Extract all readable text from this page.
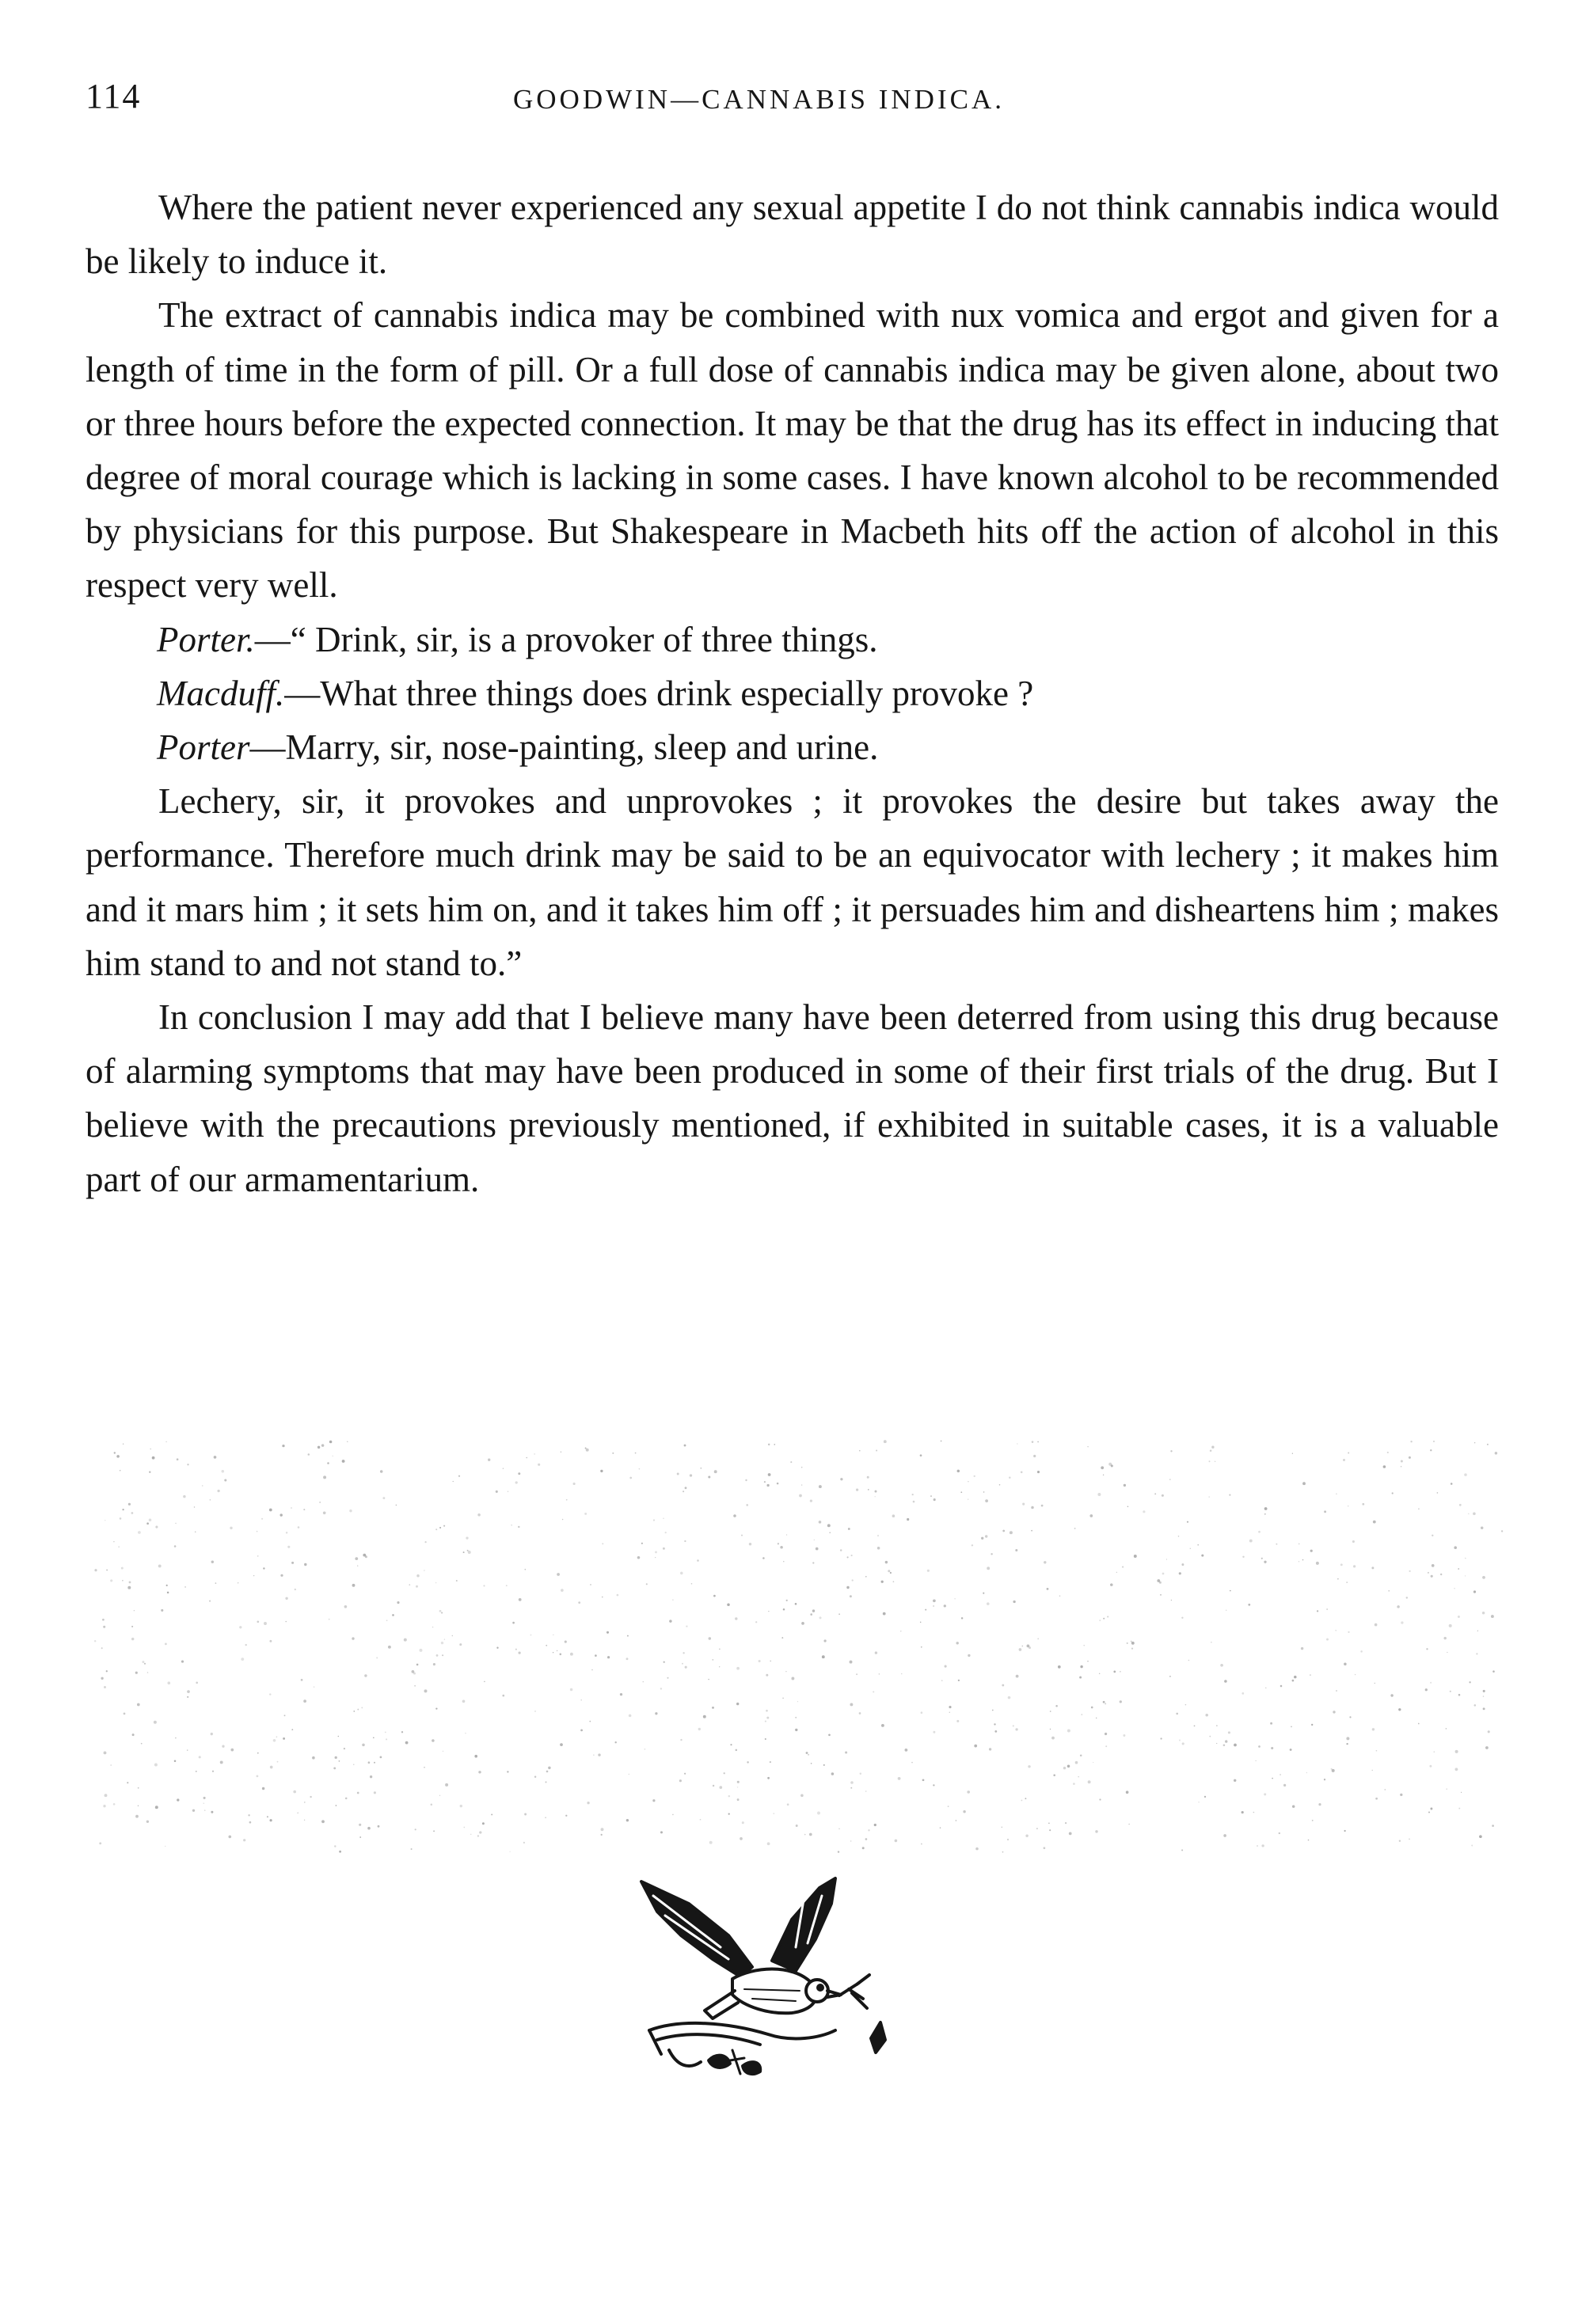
114	GOODWIN—CANNABIS INDICA.

Where the patient never experienced any sexual appetite I do not think cannabis indica would be likely to induce it.

The extract of cannabis indica may be combined with nux vomica and ergot and given for a length of time in the form of pill. Or a full dose of cannabis indica may be given alone, about two or three hours before the expected connection. It may be that the drug has its effect in inducing that degree of moral courage which is lacking in some cases. I have known alcohol to be recommended by physicians for this purpose. But Shakespeare in Macbeth hits off the action of alcohol in this respect very well.

Porter.—“ Drink, sir, is a provoker of three things.

Macduff.—What three things does drink especially provoke ?

Porter—Marry, sir, nose-painting, sleep and urine.

Lechery, sir, it provokes and unprovokes ; it provokes the desire but takes away the performance. Therefore much drink may be said to be an equivocator with lechery ; it makes him and it mars him ; it sets him on, and it takes him off ; it persuades him and disheartens him ; makes him stand to and not stand to.”

In conclusion I may add that I believe many have been deterred from using this drug because of alarming symptoms that may have been produced in some of their first trials of the drug. But I believe with the precautions previously mentioned, if exhibited in suitable cases, it is a valuable part of our armamentarium.
